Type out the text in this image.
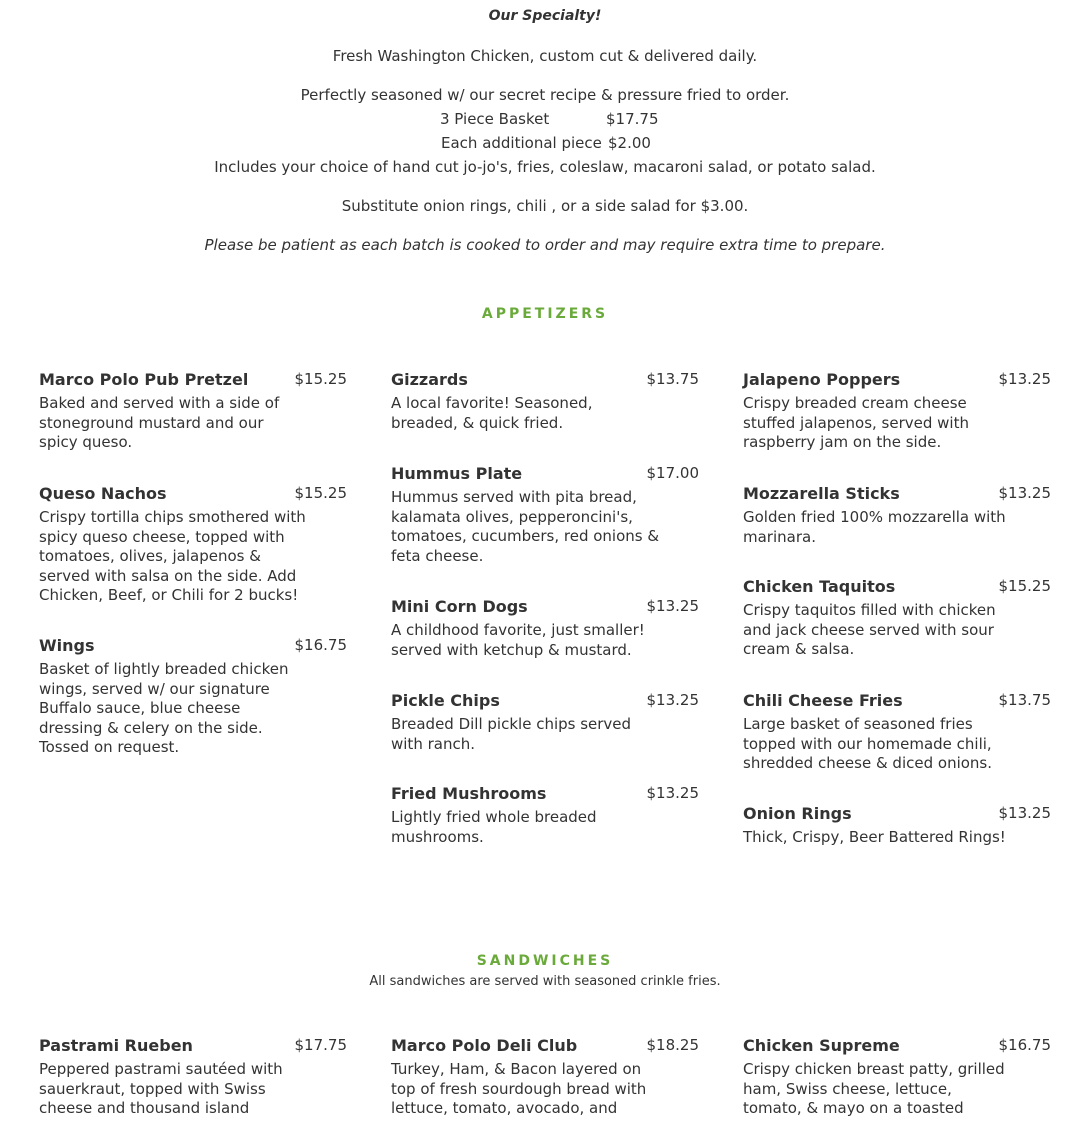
Our Specialty!
Fresh Washington Chicken, custom cut & delivered daily.
Perfectly seasoned w/ our secret recipe & pressure fried to order.
3 Piece Basket	$17.75
Each additional piece $2.00
Includes your choice of hand cut jo-jo's, fries, coleslaw, macaroni salad, or potato salad.
Substitute onion rings, chili , or a side salad for $3.00.
Please be patient as each batch is cooked to order and may require extra time to prepare.
APPETIZERS
Marco Polo Pub Pretzel	$15.25
Baked and served with a side of stoneground mustard and our spicy queso.
Queso Nachos	$15.25
Crispy tortilla chips smothered with spicy queso cheese, topped with tomatoes, olives, jalapenos & served with salsa on the side. Add Chicken, Beef, or Chili for 2 bucks!
Wings	$16.75
Basket of lightly breaded chicken wings, served w/ our signature Buffalo sauce, blue cheese dressing & celery on the side. Tossed on request.
Gizzards	$13.75
A local favorite! Seasoned, breaded, & quick fried.
Hummus Plate	$17.00
Hummus served with pita bread, kalamata olives, pepperoncini's, tomatoes, cucumbers, red onions & feta cheese.
Mini Corn Dogs	$13.25
A childhood favorite, just smaller! served with ketchup & mustard.
Pickle Chips	$13.25
Breaded Dill pickle chips served with ranch.
Fried Mushrooms	$13.25
Lightly fried whole breaded mushrooms.
Jalapeno Poppers	$13.25
Crispy breaded cream cheese stuffed jalapenos, served with raspberry jam on the side.
Mozzarella Sticks	$13.25
Golden fried 100% mozzarella with marinara.
Chicken Taquitos	$15.25
Crispy taquitos filled with chicken and jack cheese served with sour cream & salsa.
Chili Cheese Fries	$13.75
Large basket of seasoned fries topped with our homemade chili, shredded cheese & diced onions.
Onion Rings	$13.25
Thick, Crispy, Beer Battered Rings!
SANDWICHES
All sandwiches are served with seasoned crinkle fries.
Pastrami Rueben	$17.75
Peppered pastrami sautéed with sauerkraut, topped with Swiss cheese and thousand island
Marco Polo Deli Club	$18.25
Turkey, Ham, & Bacon layered on top of fresh sourdough bread with lettuce, tomato, avocado, and
Chicken Supreme	$16.75
Crispy chicken breast patty, grilled ham, Swiss cheese, lettuce, tomato, & mayo on a toasted
